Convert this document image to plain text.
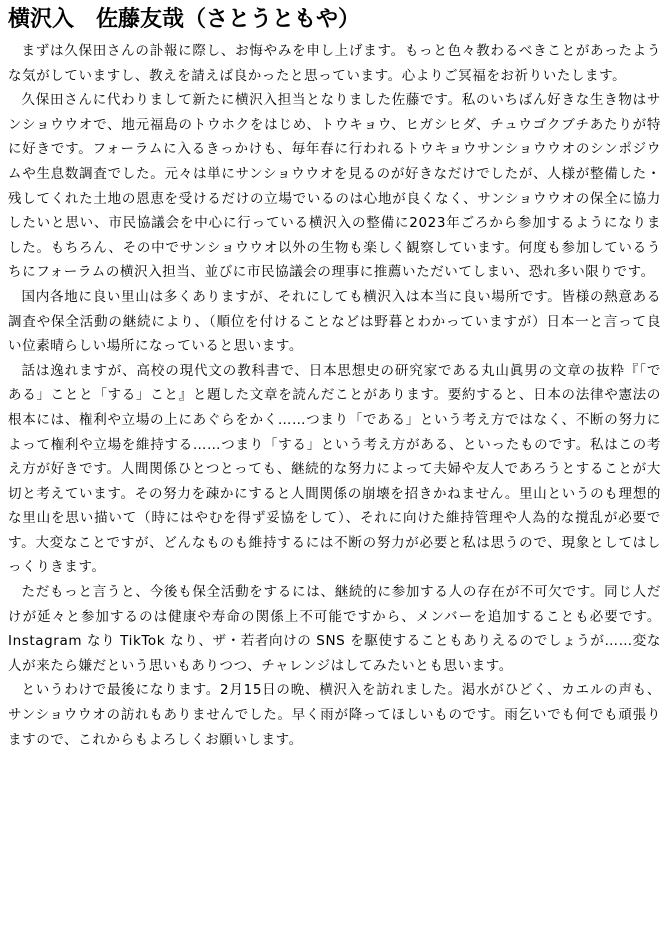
横沢入　佐藤友哉（さとうともや）

まずは久保田さんの訃報に際し、お悔やみを申し上げます。もっと色々教わるべきことがあったような気がしていますし、教えを請えば良かったと思っています。心よりご冥福をお祈りいたします。

久保田さんに代わりまして新たに横沢入担当となりました佐藤です。私のいちばん好きな生き物はサンショウウオで、地元福島のトウホクをはじめ、トウキョウ、ヒガシヒダ、チュウゴクブチあたりが特に好きです。フォーラムに入るきっかけも、毎年春に行われるトウキョウサンショウウオのシンポジウムや生息数調査でした。元々は単にサンショウウオを見るのが好きなだけでしたが、人様が整備した・残してくれた土地の恩恵を受けるだけの立場でいるのは心地が良くなく、サンショウウオの保全に協力したいと思い、市民協議会を中心に行っている横沢入の整備に2023年ごろから参加するようになりました。もちろん、その中でサンショウウオ以外の生物も楽しく観察しています。何度も参加しているうちにフォーラムの横沢入担当、並びに市民協議会の理事に推薦いただいてしまい、恐れ多い限りです。

国内各地に良い里山は多くありますが、それにしても横沢入は本当に良い場所です。皆様の熱意ある調査や保全活動の継続により、（順位を付けることなどは野暮とわかっていますが）日本一と言って良い位素晴らしい場所になっていると思います。

話は逸れますが、高校の現代文の教科書で、日本思想史の研究家である丸山眞男の文章の抜粋『「である」ことと「する」こと』と題した文章を読んだことがあります。要約すると、日本の法律や憲法の根本には、権利や立場の上にあぐらをかく……つまり「である」という考え方ではなく、不断の努力によって権利や立場を維持する……つまり「する」という考え方がある、といったものです。私はこの考え方が好きです。人間関係ひとつとっても、継続的な努力によって夫婦や友人であろうとすることが大切と考えています。その努力を疎かにすると人間関係の崩壊を招きかねません。里山というのも理想的な里山を思い描いて（時にはやむを得ず妥協をして）、それに向けた維持管理や人為的な撹乱が必要です。大変なことですが、どんなものも維持するには不断の努力が必要と私は思うので、現象としてはしっくりきます。

ただもっと言うと、今後も保全活動をするには、継続的に参加する人の存在が不可欠です。同じ人だけが延々と参加するのは健康や寿命の関係上不可能ですから、メンバーを追加することも必要です。Instagram なり TikTok なり、ザ・若者向けの SNS を駆使することもありえるのでしょうが……変な人が来たら嫌だという思いもありつつ、チャレンジはしてみたいとも思います。

というわけで最後になります。2月15日の晩、横沢入を訪れました。渇水がひどく、カエルの声も、サンショウウオの訪れもありませんでした。早く雨が降ってほしいものです。雨乞いでも何でも頑張りますので、これからもよろしくお願いします。
